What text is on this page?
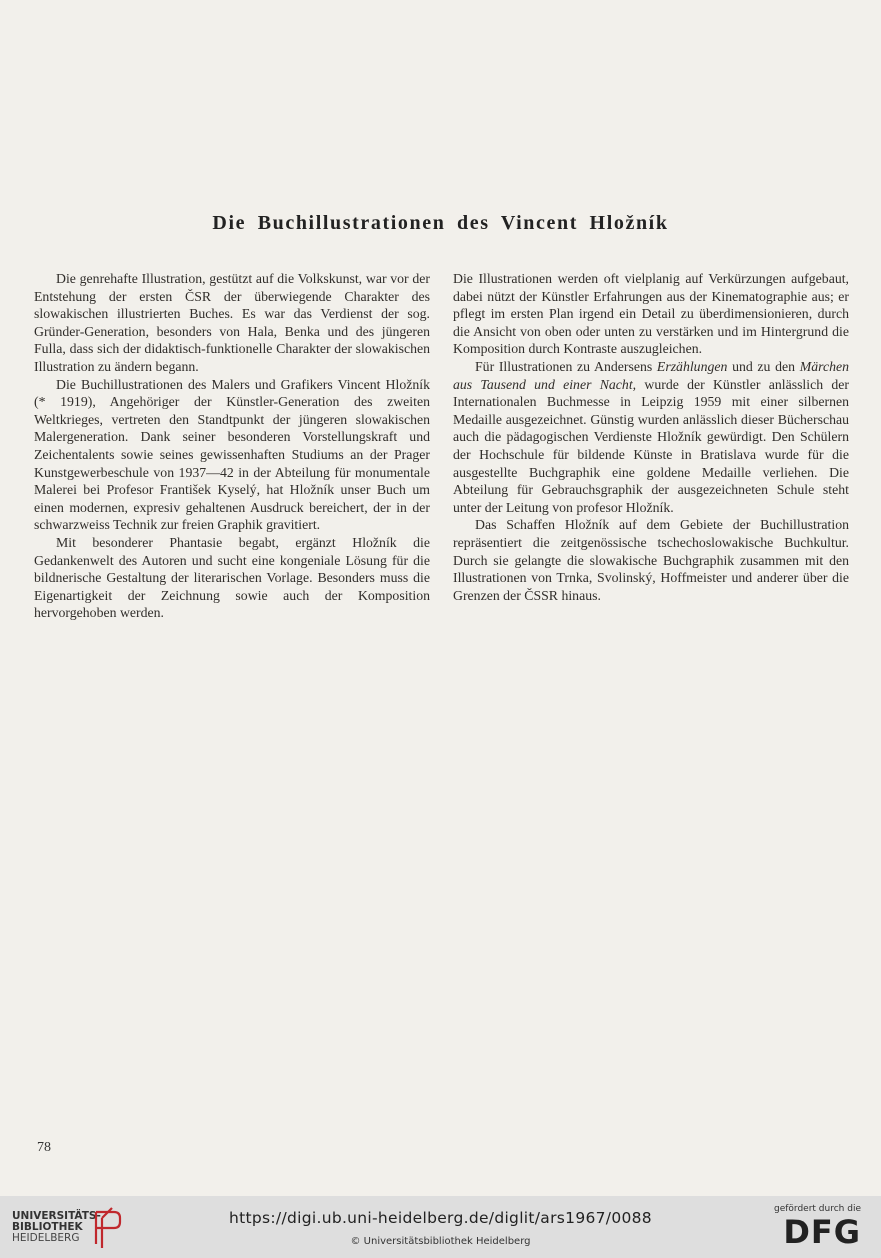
Die Buchillustrationen des Vincent Hložník

Die genrehafte Illustration, gestützt auf die Volkskunst, war vor der Entstehung der ersten ČSR der überwiegende Charakter des slowakischen illustrierten Buches. Es war das Verdienst der sog. Gründer-Generation, besonders von Hala, Benka und des jüngeren Fulla, dass sich der didaktisch-funktionelle Charakter der slowakischen Illustration zu ändern begann.

Die Buchillustrationen des Malers und Grafikers Vincent Hložník (* 1919), Angehöriger der Künstler-Generation des zweiten Weltkrieges, vertreten den Standtpunkt der jüngeren slowakischen Malergeneration. Dank seiner besonderen Vorstellungskraft und Zeichentalents sowie seines gewissenhaften Studiums an der Prager Kunstgewerbeschule von 1937—42 in der Abteilung für monumentale Malerei bei Profesor František Kyselý, hat Hložník unser Buch um einen modernen, expresiv gehaltenen Ausdruck bereichert, der in der schwarzweiss Technik zur freien Graphik gravitiert.

Mit besonderer Phantasie begabt, ergänzt Hložník die Gedankenwelt des Autoren und sucht eine kongeniale Lösung für die bildnerische Gestaltung der literarischen Vorlage. Besonders muss die Eigenartigkeit der Zeichnung sowie auch der Komposition hervorgehoben werden.

Die Illustrationen werden oft vielplanig auf Verkürzungen aufgebaut, dabei nützt der Künstler Erfahrungen aus der Kinematographie aus; er pflegt im ersten Plan irgend ein Detail zu überdimensionieren, durch die Ansicht von oben oder unten zu verstärken und im Hintergrund die Komposition durch Kontraste auszugleichen.

Für Illustrationen zu Andersens Erzählungen und zu den Märchen aus Tausend und einer Nacht, wurde der Künstler anlässlich der Internationalen Buchmesse in Leipzig 1959 mit einer silbernen Medaille ausgezeichnet. Günstig wurden anlässlich dieser Bücherschau auch die pädagogischen Verdienste Hložník gewürdigt. Den Schülern der Hochschule für bildende Künste in Bratislava wurde für die ausgestellte Buchgraphik eine goldene Medaille verliehen. Die Abteilung für Gebrauchsgraphik der ausgezeichneten Schule steht unter der Leitung von profesor Hložník.

Das Schaffen Hložník auf dem Gebiete der Buchillustration repräsentiert die zeitgenössische tschechoslowakische Buchkultur. Durch sie gelangte die slowakische Buchgraphik zusammen mit den Illustrationen von Trnka, Svolinský, Hoffmeister und anderer über die Grenzen der ČSSR hinaus.

78
UNIVERSITÄTS-
BIBLIOTHEK
HEIDELBERG
https://digi.ub.uni-heidelberg.de/diglit/ars1967/0088
© Universitätsbibliothek Heidelberg
gefördert durch die
DFG
